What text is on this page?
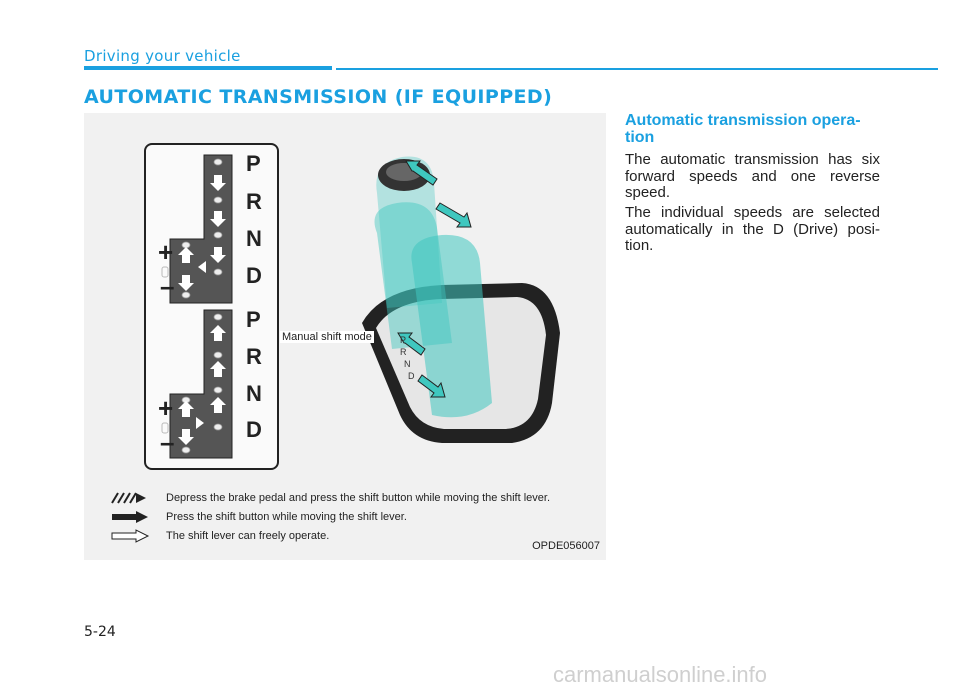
Driving your vehicle
AUTOMATIC TRANSMISSION (IF EQUIPPED)
P
R
N
D
P
R
N
D
+
–
+
–
P
R
N
D
Manual shift mode
Depress the brake pedal and press the shift button while moving the shift lever.
Press the shift button while moving the shift lever.
The shift lever can freely operate.
OPDE056007
Automatic transmission opera-tion

The automatic transmission has six forward speeds and one reverse speed.

The individual speeds are selected automatically in the D (Drive) posi-tion.

5-24
carmanualsonline.info
